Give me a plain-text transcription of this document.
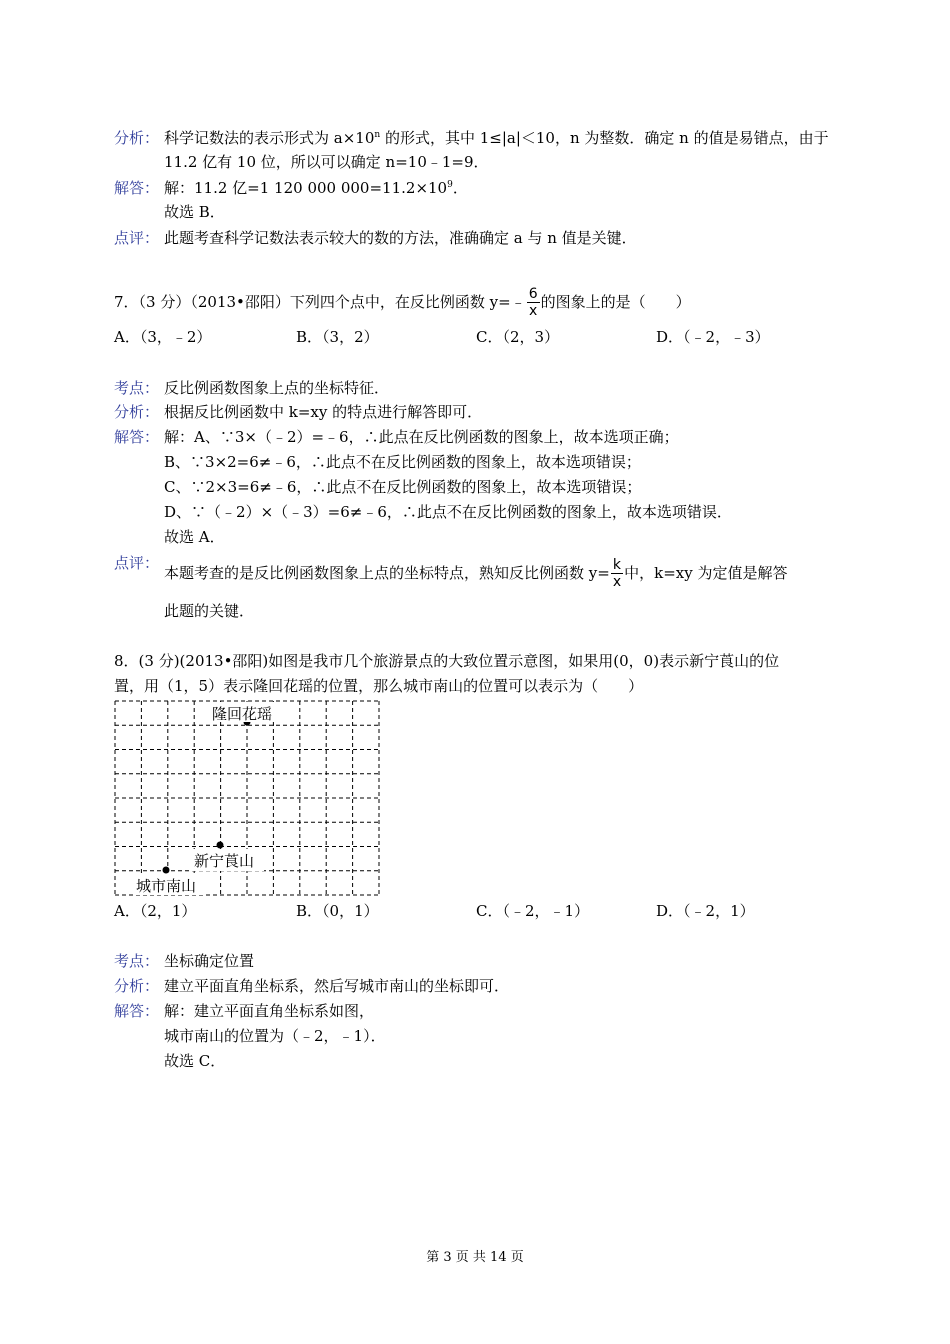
分析： 科学记数法的表示形式为 $a\times 10^n$ 的形式，其中 1≤|a|＜10，n 为整数．确定 n 的值是易错点，由于
11.2 亿有 10 位，所以可以确定 n=10﹣1=9．
解答： 解：11.2 亿=1 120 000 $000=11.2\times 10^9$．
故选 B．
点评： 此题考查科学记数法表示较大的数的方法，准确确定 a 与 n 值是关键．
7．（3 分）（2013•邵阳）下列四个点中，在反比例函数 y=﹣ $\frac{6}{x}$ 的图象上的是（　　）
A．（3，﹣2）	B．（3，2）	C．（2，3）	D．（﹣2，﹣3）
考点： 反比例函数图象上点的坐标特征．
分析： 根据反比例函数中 k=xy 的特点进行解答即可．
解答： 解：A、∵3×（﹣2）=﹣6，∴此点在反比例函数的图象上，故本选项正确；
B、∵3×2=6≠﹣6，∴此点不在反比例函数的图象上，故本选项错误；
C、∵2×3=6≠﹣6，∴此点不在反比例函数的图象上，故本选项错误；
D、∵（﹣2）×（﹣3）=6≠﹣6，∴此点不在反比例函数的图象上，故本选项错误．
故选 A．
点评：
本题考查的是反比例函数图象上点的坐标特点，熟知反比例函数 $y= \frac{k}{x}$ 中，k=xy 为定值是解答
此题的关键．
8．(3 分)(2013•邵阳)如图是我市几个旅游景点的大致位置示意图，如果用(0，0)表示新宁莨山的位
置，用（1，5）表示隆回花瑶的位置，那么城市南山的位置可以表示为（　　）
隆回花瑶
新宁莨山
城市南山
A．（2，1）	B．（0，1）	C．（﹣2，﹣1）	D．（﹣2，1）
考点： 坐标确定位置
分析： 建立平面直角坐标系，然后写城市南山的坐标即可．
解答： 解：建立平面直角坐标系如图，
城市南山的位置为（﹣2，﹣1）．
故选 C．
第 3 页 共 14 页
